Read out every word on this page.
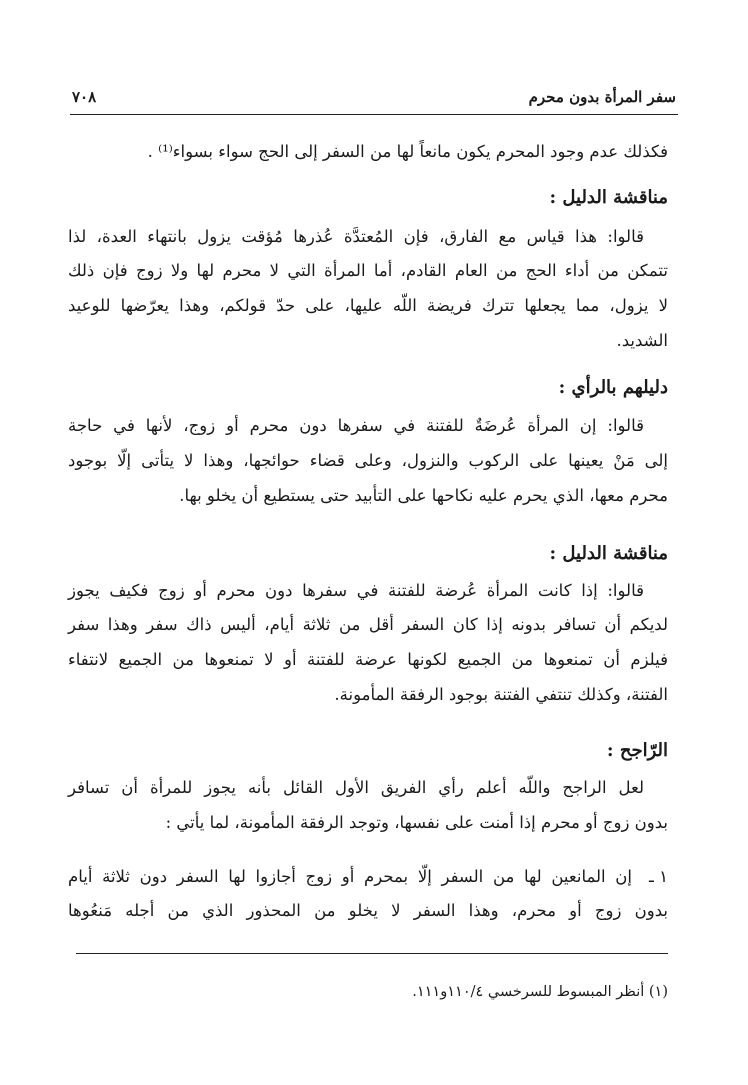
سفر المرأة بدون محرم
٧٠٨
فكذلك عدم وجود المحرم يكون مانعاً لها من السفر إلى الحج سواء بسواء⁽¹⁾ .
مناقشة الدليل :
قالوا: هذا قياس مع الفارق، فإن المُعتدَّة عُذرها مُؤقت يزول بانتهاء العدة، لذا
تتمكن من أداء الحج من العام القادم، أما المرأة التي لا محرم لها ولا زوج فإن ذلك
لا يزول، مما يجعلها تترك فريضة اللّه عليها، على حدّ قولكم، وهذا يعرّضها للوعيد
الشديد.
دليلهم بالرأي :
قالوا: إن المرأة عُرضَةٌ للفتنة في سفرها دون محرم أو زوج، لأنها في حاجة
إلى مَنْ يعينها على الركوب والنزول، وعلى قضاء حوائجها، وهذا لا يتأتى إلّا بوجود
محرم معها، الذي يحرم عليه نكاحها على التأبيد حتى يستطيع أن يخلو بها.
مناقشة الدليل :
قالوا: إذا كانت المرأة عُرضة للفتنة في سفرها دون محرم أو زوج فكيف يجوز
لديكم أن تسافر بدونه إذا كان السفر أقل من ثلاثة أيام، أليس ذاك سفر وهذا سفر
فيلزم أن تمنعوها من الجميع لكونها عرضة للفتنة أو لا تمنعوها من الجميع لانتفاء
الفتنة، وكذلك تنتفي الفتنة بوجود الرفقة المأمونة.
الرّاجح :
لعل الراجح واللّه أعلم رأي الفريق الأول القائل بأنه يجوز للمرأة أن تسافر
بدون زوج أو محرم إذا أمنت على نفسها، وتوجد الرفقة المأمونة، لما يأتي :
١ ـ
إن المانعين لها من السفر إلّا بمحرم أو زوج أجازوا لها السفر دون ثلاثة أيام
بدون زوج أو محرم، وهذا السفر لا يخلو من المحذور الذي من أجله مَنعُوها
(١) أنظر المبسوط للسرخسي ١١٠/٤و١١١.
